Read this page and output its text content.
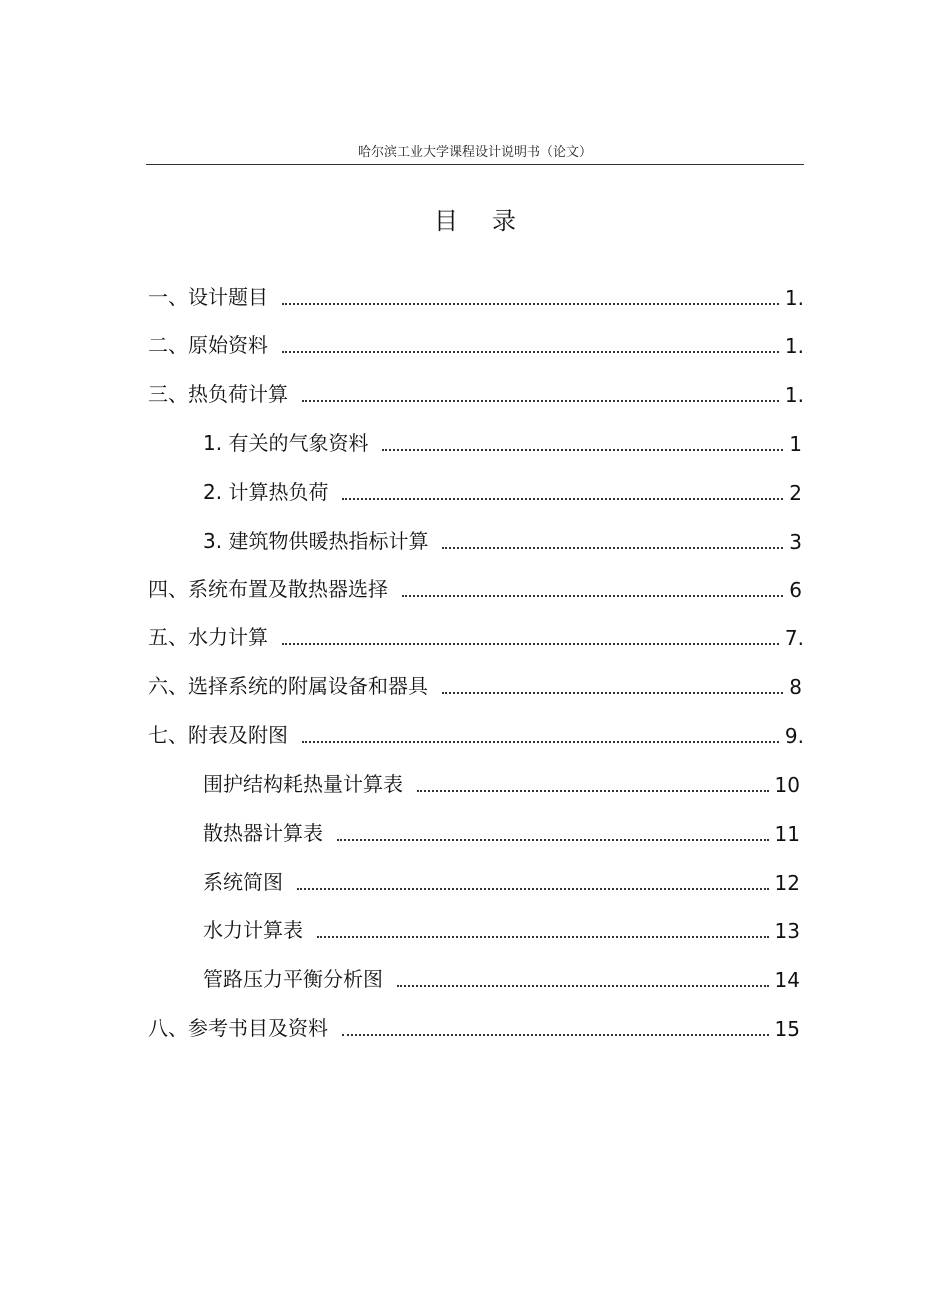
哈尔滨工业大学课程设计说明书（论文）
目录
一、设计题目	1.
二、原始资料	1.
三、热负荷计算	1.
1. 有关的气象资料	1
2. 计算热负荷	2
3. 建筑物供暖热指标计算	3
四、系统布置及散热器选择	6
五、水力计算	7.
六、选择系统的附属设备和器具	8
七、附表及附图	9.
围护结构耗热量计算表	10
散热器计算表	11
系统简图	12
水力计算表	13
管路压力平衡分析图	14
八、参考书目及资料	15
